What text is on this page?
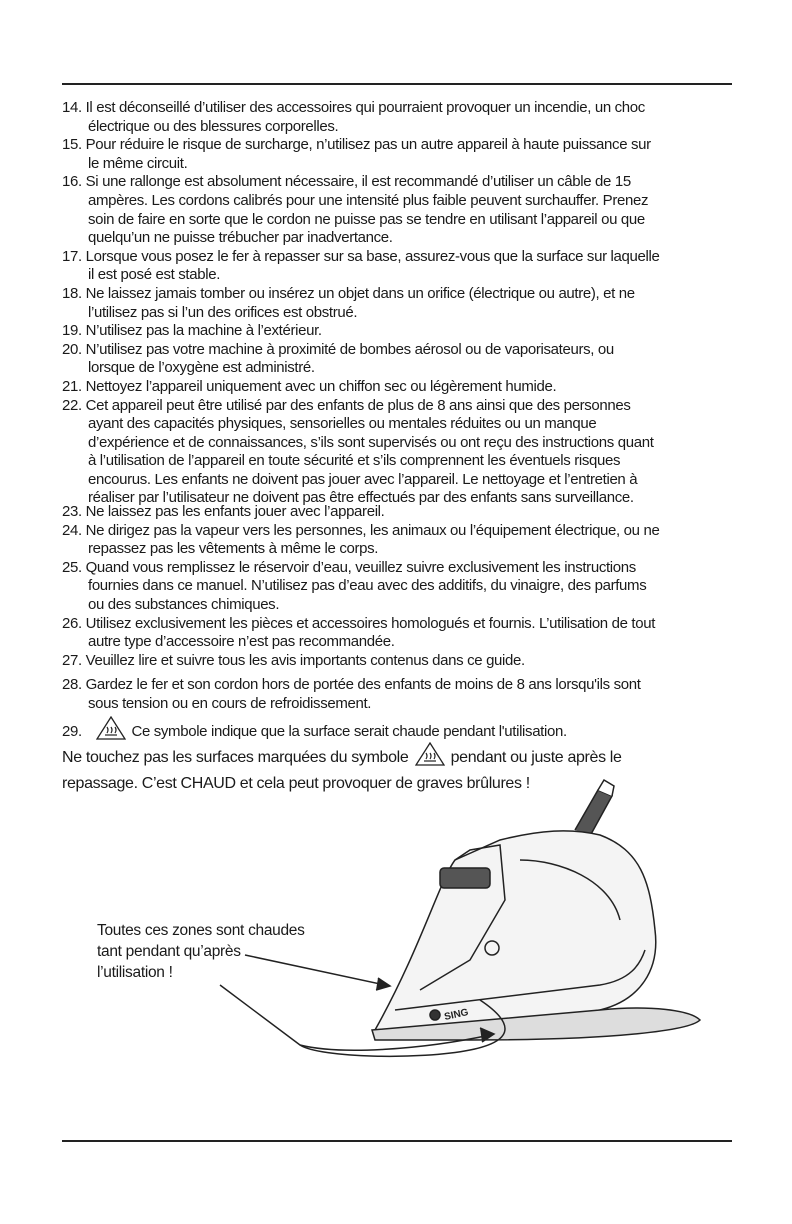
14. Il est déconseillé d’utiliser des accessoires qui pourraient provoquer un incendie, un choc
électrique ou des blessures corporelles.
15. Pour réduire le risque de surcharge, n’utilisez pas un autre appareil à haute puissance sur
le même circuit.
16. Si une rallonge est absolument nécessaire, il est recommandé d’utiliser un câble de 15
ampères. Les cordons calibrés pour une intensité plus faible peuvent surchauffer. Prenez
soin de faire en sorte que le cordon ne puisse pas se tendre en utilisant l’appareil ou que
quelqu’un ne puisse trébucher par inadvertance.
17. Lorsque vous posez le fer à repasser sur sa base, assurez-vous que la surface sur laquelle
il est posé est stable.
18. Ne laissez jamais tomber ou insérez un objet dans un orifice (électrique ou autre), et ne
l’utilisez pas si l’un des orifices est obstrué.
19. N’utilisez pas la machine à l’extérieur.
20. N’utilisez pas votre machine à proximité de bombes aérosol ou de vaporisateurs, ou
lorsque de l’oxygène est administré.
21. Nettoyez l’appareil uniquement avec un chiffon sec ou légèrement humide.
22. Cet appareil peut être utilisé par des enfants de plus de 8 ans ainsi que des personnes
ayant des capacités physiques, sensorielles ou mentales réduites ou un manque
d’expérience et de connaissances, s’ils sont supervisés ou ont reçu des instructions quant
à l’utilisation de l’appareil en toute sécurité et s’ils comprennent les éventuels risques
encourus. Les enfants ne doivent pas jouer avec l’appareil. Le nettoyage et l’entretien à
réaliser par l’utilisateur ne doivent pas être effectués par des enfants sans surveillance.
23. Ne laissez pas les enfants jouer avec l’appareil.
24. Ne dirigez pas la vapeur vers les personnes, les animaux ou l’équipement électrique, ou ne
repassez pas les vêtements à même le corps.
25. Quand vous remplissez le réservoir d’eau, veuillez suivre exclusivement les instructions
fournies dans ce manuel. N’utilisez pas d’eau avec des additifs, du vinaigre, des parfums
ou des substances chimiques.
26. Utilisez exclusivement les pièces et accessoires homologués et fournis. L’utilisation de tout
autre type d’accessoire n’est pas recommandée.
27. Veuillez lire et suivre tous les avis importants contenus dans ce guide.
28. Gardez le fer et son cordon hors de portée des enfants de moins de 8 ans lorsqu'ils sont
sous tension ou en cours de refroidissement.
29.	Ce symbole indique que la surface serait chaude pendant l'utilisation.
Ne touchez pas les surfaces marquées du symbole	pendant ou juste après le
repassage. C’est CHAUD et cela peut provoquer de graves brûlures !
Toutes ces zones sont chaudes
tant pendant qu’après
l’utilisation !
SING
